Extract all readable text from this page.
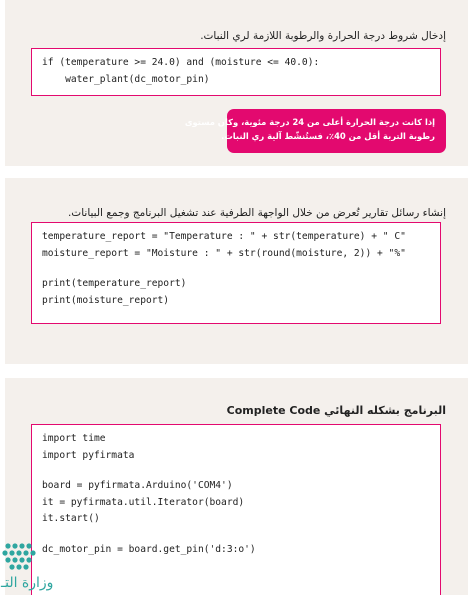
إدخال شروط درجة الحرارة والرطوبة اللازمة لري النبات.
if (temperature >= 24.0) and (moisture <= 40.0):
water_plant(dc_motor_pin)
إذا كانت درجة الحرارة أعلى من 24 درجة مئوية، وكان مستوى
رطوبة التربة أقل من 40٪، فستُنشّط آلية ري النبات.
إنشاء رسائل تقارير تُعرض من خلال الواجهة الطرفية عند تشغيل البرنامج وجمع البيانات.
temperature_report = "Temperature : " + str(temperature) + " C"
moisture_report = "Moisture : " + str(round(moisture, 2)) + "%"
print(temperature_report)
print(moisture_report)
البرنامج بشكله النهائي Complete Code
import time
import pyfirmata
board = pyfirmata.Arduino('COM4')
it = pyfirmata.util.Iterator(board)
it.start()
dc_motor_pin = board.get_pin('d:3:o')
وزارة التـ
